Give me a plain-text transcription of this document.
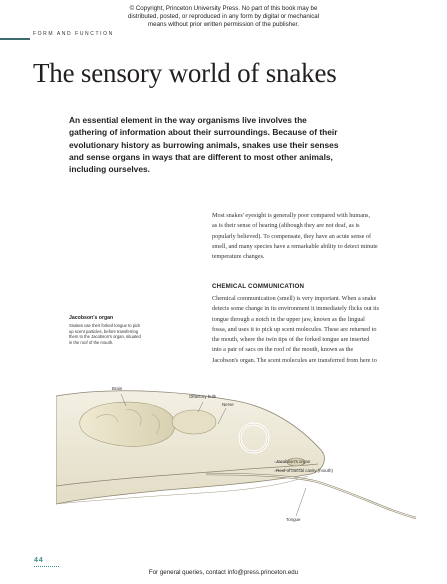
© Copyright, Princeton University Press. No part of this book may be
distributed, posted, or reproduced in any form by digital or mechanical
means without prior written permission of the publisher.
FORM AND FUNCTION
The sensory world of snakes
An essential element in the way organisms live involves the
gathering of information about their surroundings. Because of their
evolutionary history as burrowing animals, snakes use their senses
and sense organs in ways that are different to most other animals,
including ourselves.
Most snakes' eyesight is generally poor compared with humans,
as is their sense of hearing (although they are not deaf, as is
popularly believed). To compensate, they have an acute sense of
smell, and many species have a remarkable ability to detect minute
temperature changes.
CHEMICAL COMMUNICATION
Chemical communication (smell) is very important. When a snake
detects some change in its environment it immediately flicks out its
tongue through a notch in the upper jaw, known as the lingual
fossa, and uses it to pick up scent molecules. These are returned to
the mouth, where the twin tips of the forked tongue are inserted
into a pair of sacs on the roof of the mouth, known as the
Jacobson's organ. The scent molecules are transferred from here to
Jacobson's organ
Snakes use their forked tongue to pick
up scent particles, before transferring
them to the Jacobson's organ, situated
in the roof of the mouth.
Brain
Olfactory bulb
Nerve
Jacobson's organ
Roof of buccal cavity (mouth)
Tongue
44
For general queries, contact info@press.princeton.edu
